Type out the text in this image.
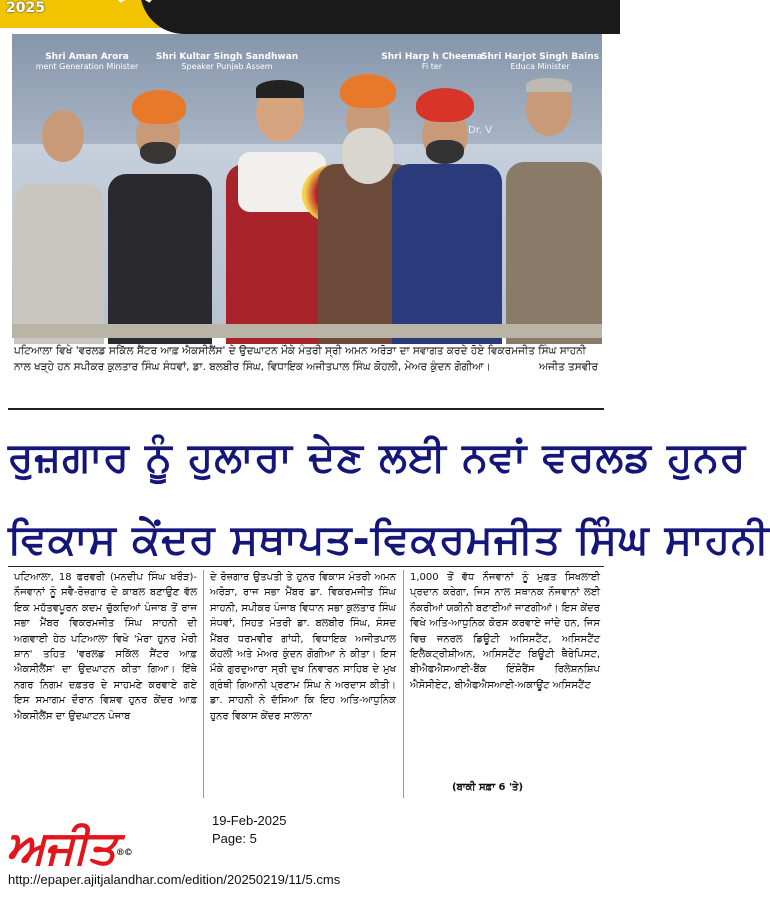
2025
Shri Aman Arora
ment Generation Minister
Shri Kultar Singh Sandhwan
Speaker Punjab Assem
Shri Harp h Cheema
Fi ter
Shri Harjot Singh Bains
Educa Minister
Dr. V
ਪਟਿਆਲਾ ਵਿਖੇ 'ਵਰਲਡ ਸਕਿੱਲ ਸੈਂਟਰ ਆਫ਼ ਐਕਸੀਲੈਂਸ' ਦੇ ਉਦਘਾਟਨ ਮੌਕੇ ਮੰਤਰੀ ਸ੍ਰੀ ਅਮਨ ਅਰੋੜਾ ਦਾ ਸਵਾਗਤ ਕਰਦੇ ਹੋਏ ਵਿਕਰਮਜੀਤ ਸਿੰਘ ਸਾਹਨੀ ਨਾਲ ਖੜ੍ਹੇ ਹਨ ਸਪੀਕਰ ਕੁਲਤਾਰ ਸਿੰਘ ਸੰਧਵਾਂ, ਡਾ. ਬਲਬੀਰ ਸਿੰਘ, ਵਿਧਾਇਕ ਅਜੀਤਪਾਲ ਸਿੰਘ ਕੋਹਲੀ, ਮੇਅਰ ਕੁੰਦਨ ਗੋਗੀਆ।	ਅਜੀਤ ਤਸਵੀਰ
ਰੁਜ਼ਗਾਰ ਨੂੰ ਹੁਲਾਰਾ ਦੇਣ ਲਈ ਨਵਾਂ ਵਰਲਡ ਹੁਨਰ
ਵਿਕਾਸ ਕੇਂਦਰ ਸਥਾਪਤ-ਵਿਕਰਮਜੀਤ ਸਿੰਘ ਸਾਹਨੀ

ਪਟਿਆਲਾ, 18 ਫਰਵਰੀ (ਮਨਦੀਪ ਸਿੰਘ ਖਰੌੜ)-ਨੌਜਵਾਨਾਂ ਨੂੰ ਸਵੈ-ਰੋਜ਼ਗਾਰ ਦੇ ਕਾਬਲ ਬਣਾਉਣ ਵੱਲ ਇਕ ਮਹੱਤਵਪੂਰਨ ਕਦਮ ਚੁੱਕਦਿਆਂ ਪੰਜਾਬ ਤੋਂ ਰਾਜ ਸਭਾ ਮੈਂਬਰ ਵਿਕਰਮਜੀਤ ਸਿੰਘ ਸਾਹਨੀ ਦੀ ਅਗਵਾਈ ਹੇਠ ਪਟਿਆਲਾ ਵਿਖੇ 'ਮੇਰਾ ਹੁਨਰ ਮੇਰੀ ਸ਼ਾਨ' ਤਹਿਤ 'ਵਰਲਡ ਸਕਿੱਲ ਸੈਂਟਰ ਆਫ਼ ਐਕਸੀਲੈਂਸ' ਦਾ ਉਦਘਾਟਨ ਕੀਤਾ ਗਿਆ। ਇੱਥੇ ਨਗਰ ਨਿਗਮ ਦਫ਼ਤਰ ਦੇ ਸਾਹਮਣੇ ਕਰਵਾਏ ਗਏ ਇਸ ਸਮਾਗਮ ਦੌਰਾਨ ਵਿਸ਼ਵ ਹੁਨਰ ਕੇਂਦਰ ਆਫ਼ ਐਕਸੀਲੈਂਸ ਦਾ ਉਦਘਾਟਨ ਪੰਜਾਬ

ਦੇ ਰੋਜ਼ਗਾਰ ਉਤਪਤੀ ਤੇ ਹੁਨਰ ਵਿਕਾਸ ਮੰਤਰੀ ਅਮਨ ਅਰੋੜਾ, ਰਾਜ ਸਭਾ ਮੈਂਬਰ ਡਾ. ਵਿਕਰਮਜੀਤ ਸਿੰਘ ਸਾਹਨੀ, ਸਪੀਕਰ ਪੰਜਾਬ ਵਿਧਾਨ ਸਭਾ ਕੁਲਤਾਰ ਸਿੰਘ ਸੰਧਵਾਂ, ਸਿਹਤ ਮੰਤਰੀ ਡਾ. ਬਲਬੀਰ ਸਿੰਘ, ਸੰਸਦ ਮੈਂਬਰ ਧਰਮਵੀਰ ਗਾਂਧੀ, ਵਿਧਾਇਕ ਅਜੀਤਪਾਲ ਕੋਹਲੀ ਅਤੇ ਮੇਅਰ ਕੁੰਦਨ ਗੋਗੀਆ ਨੇ ਕੀਤਾ। ਇਸ ਮੌਕੇ ਗੁਰਦੁਆਰਾ ਸ੍ਰੀ ਦੁਖ ਨਿਵਾਰਨ ਸਾਹਿਬ ਦੇ ਮੁਖ ਗ੍ਰੰਥੀ ਗਿਆਨੀ ਪ੍ਰਣਾਮ ਸਿੰਘ ਨੇ ਅਰਦਾਸ ਕੀਤੀ। ਡਾ. ਸਾਹਨੀ ਨੇ ਦੱਸਿਆ ਕਿ ਇਹ ਅਤਿ-ਆਧੁਨਿਕ ਹੁਨਰ ਵਿਕਾਸ ਕੇਂਦਰ ਸਾਲਾਨਾ

1,000 ਤੋਂ ਵੱਧ ਨੌਜਵਾਨਾਂ ਨੂੰ ਮੁਫ਼ਤ ਸਿਖਲਾਈ ਪ੍ਰਦਾਨ ਕਰੇਗਾ, ਜਿਸ ਨਾਲ ਸਥਾਨਕ ਨੌਜਵਾਨਾਂ ਲਈ ਨੌਕਰੀਆਂ ਯਕੀਨੀ ਬਣਾਈਆਂ ਜਾਣਗੀਆਂ। ਇਸ ਕੇਂਦਰ ਵਿਖੇ ਅਤਿ-ਆਧੁਨਿਕ ਕੋਰਸ ਕਰਵਾਏ ਜਾਂਦੇ ਹਨ, ਜਿਸ ਵਿਚ ਜਨਰਲ ਡਿਊਟੀ ਅਸਿਸਟੈਂਟ, ਅਸਿਸਟੈਂਟ ਇਲੈਕਟ੍ਰੀਸ਼ੀਅਨ, ਅਸਿਸਟੈਂਟ ਬਿਊਟੀ ਥੈਰੇਪਿਸਟ, ਬੀਐਫਐਸਆਈ-ਬੈਂਕ ਇੰਸ਼ੋਰੈਂਸ ਰਿਲੇਸ਼ਨਸ਼ਿਪ ਐਸੋਸੀਏਟ, ਬੀਐਫਐਸਆਈ-ਅਕਾਊਂਟ ਅਸਿਸਟੈਂਟ

(ਬਾਕੀ ਸਫ਼ਾ 6 'ਤੇ)
ਅਜੀਤ®©
19-Feb-2025
Page: 5
http://epaper.ajitjalandhar.com/edition/20250219/11/5.cms
